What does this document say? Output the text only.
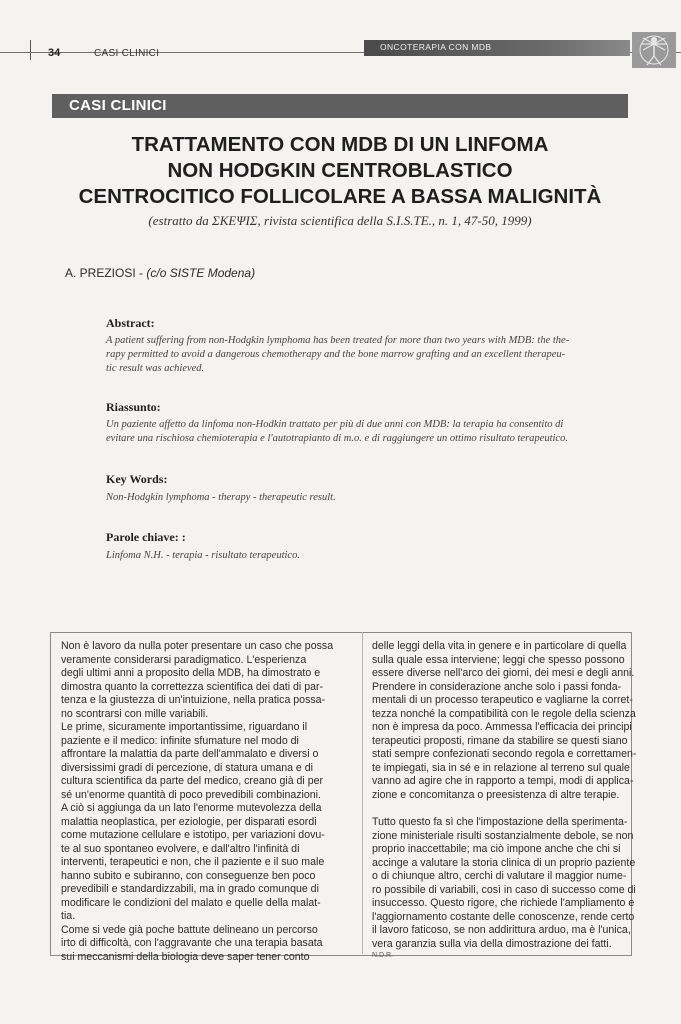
34	CASI CLINICI
ONCOTERAPIA CON MDB
CASI CLINICI
TRATTAMENTO CON MDB DI UN LINFOMA
NON HODGKIN CENTROBLASTICO
CENTROCITICO FOLLICOLARE A BASSA MALIGNITÀ
(estratto da ΣΚΕΨΙΣ, rivista scientifica della S.I.S.TE., n. 1, 47-50, 1999)
A. PREZIOSI - (c/o SISTE Modena)
Abstract:
A patient suffering from non-Hodgkin lymphoma has been treated for more than two years with MDB: the the-
rapy permitted to avoid a dangerous chemotherapy and the bone marrow grafting and an excellent therapeu-
tic result was achieved.
Riassunto:
Un paziente affetto da linfoma non-Hodkin trattato per più di due anni con MDB: la terapia ha consentito di
evitare una rischiosa chemioterapia e l'autotrapianto di m.o. e di raggiungere un ottimo risultato terapeutico.
Key Words:
Non-Hodgkin lymphoma - therapy - therapeutic result.
Parole chiave: :
Linfoma N.H. - terapia - risultato terapeutico.

Non è lavoro da nulla poter presentare un caso che possa

veramente considerarsi paradigmatico. L'esperienza

degli ultimi anni a proposito della MDB, ha dimostrato e

dimostra quanto la correttezza scientifica dei dati di par-

tenza e la giustezza di un'intuizione, nella pratica possa-

no scontrarsi con mille variabili.

Le prime, sicuramente importantissime, riguardano il

paziente e il medico: infinite sfumature nel modo di

affrontare la malattia da parte dell'ammalato e diversi o

diversissimi gradi di percezione, di statura umana e di

cultura scientifica da parte del medico, creano già di per

sé un'enorme quantità di poco prevedibili combinazioni.

A ciò si aggiunga da un lato l'enorme mutevolezza della

malattia neoplastica, per eziologie, per disparati esordi

come mutazione cellulare e istotipo, per variazioni dovu-

te al suo spontaneo evolvere, e dall'altro l'infinità di

interventi, terapeutici e non, che il paziente e il suo male

hanno subito e subiranno, con conseguenze ben poco

prevedibili e standardizzabili, ma in grado comunque di

modificare le condizioni del malato e quelle della malat-

tia.

Come si vede già poche battute delineano un percorso

irto di difficoltà, con l'aggravante che una terapia basata

sui meccanismi della biologia deve saper tener conto

delle leggi della vita in genere e in particolare di quella

sulla quale essa interviene; leggi che spesso possono

essere diverse nell'arco dei giorni, dei mesi e degli anni.

Prendere in considerazione anche solo i passi fonda-

mentali di un processo terapeutico e vagliarne la corret-

tezza nonché la compatibilità con le regole della scienza

non è impresa da poco. Ammessa l'efficacia dei principi

terapeutici proposti, rimane da stabilire se questi siano

stati sempre confezionati secondo regola e correttamen-

te impiegati, sia in sé e in relazione al terreno sul quale

vanno ad agire che in rapporto a tempi, modi di applica-

zione e concomitanza o preesistenza di altre terapie.

Tutto questo fa sì che l'impostazione della sperimenta-

zione ministeriale risulti sostanzialmente debole, se non

proprio inaccettabile; ma ciò impone anche che chi si

accinge a valutare la storia clinica di un proprio paziente

o di chiunque altro, cerchi di valutare il maggior nume-

ro possibile di variabili, così in caso di successo come di

insuccesso. Questo rigore, che richiede l'ampliamento e

l'aggiornamento costante delle conoscenze, rende certo

il lavoro faticoso, se non addirittura arduo, ma è l'unica,

vera garanzia sulla via della dimostrazione dei fatti.

N.D.R.
